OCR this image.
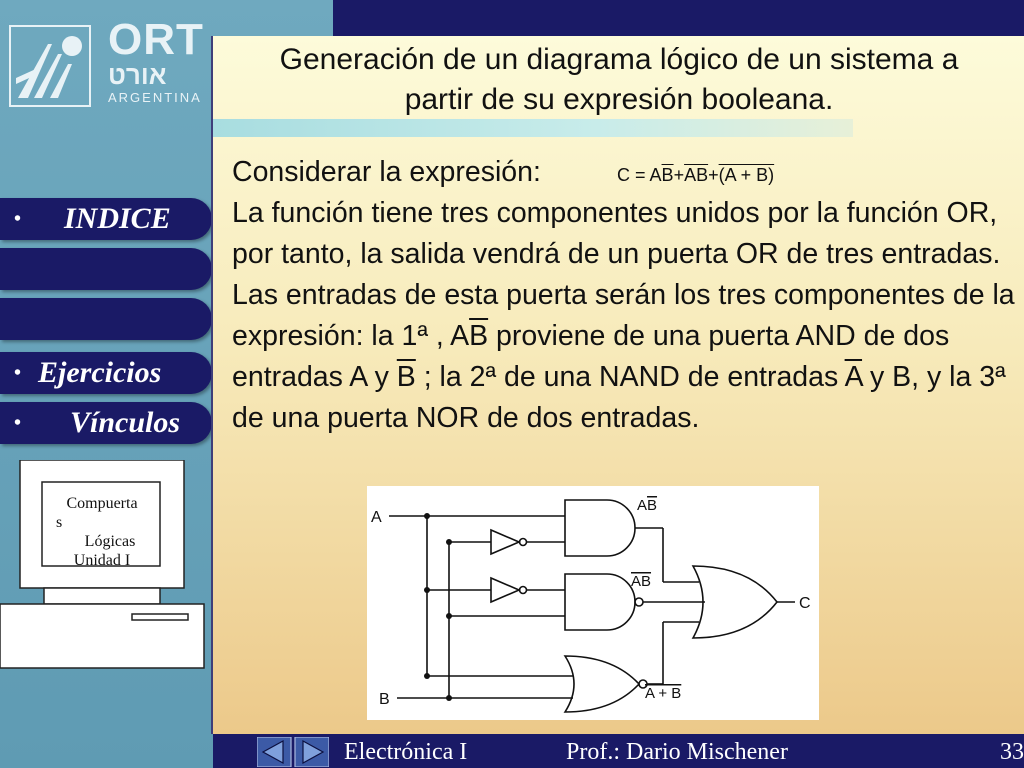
ORT
אורט
ARGENTINA
• INDICE
• Ejercicios
• Vínculos
Compuerta
s
Lógicas
Unidad I
Generación de un diagrama lógico de un sistema a
partir de su expresión booleana.
Considerar la expresión:
La función tiene tres componentes unidos por la función OR, por tanto, la salida vendrá de un puerta OR de tres entradas. Las entradas de esta puerta serán los tres componentes de la expresión: la 1ª , $A\overline{B}$ proviene de una puerta AND de dos entradas A y $\overline{B}$ ; la 2ª de una NAND de entradas $\overline{A}$ y B, y la 3ª de una puerta NOR de dos entradas.
$C = A\overline{B}+\overline{AB}+(A + B)$
A
B
C
AB
AB
A + B
Electrónica I	Prof.: Dario Mischener	33
